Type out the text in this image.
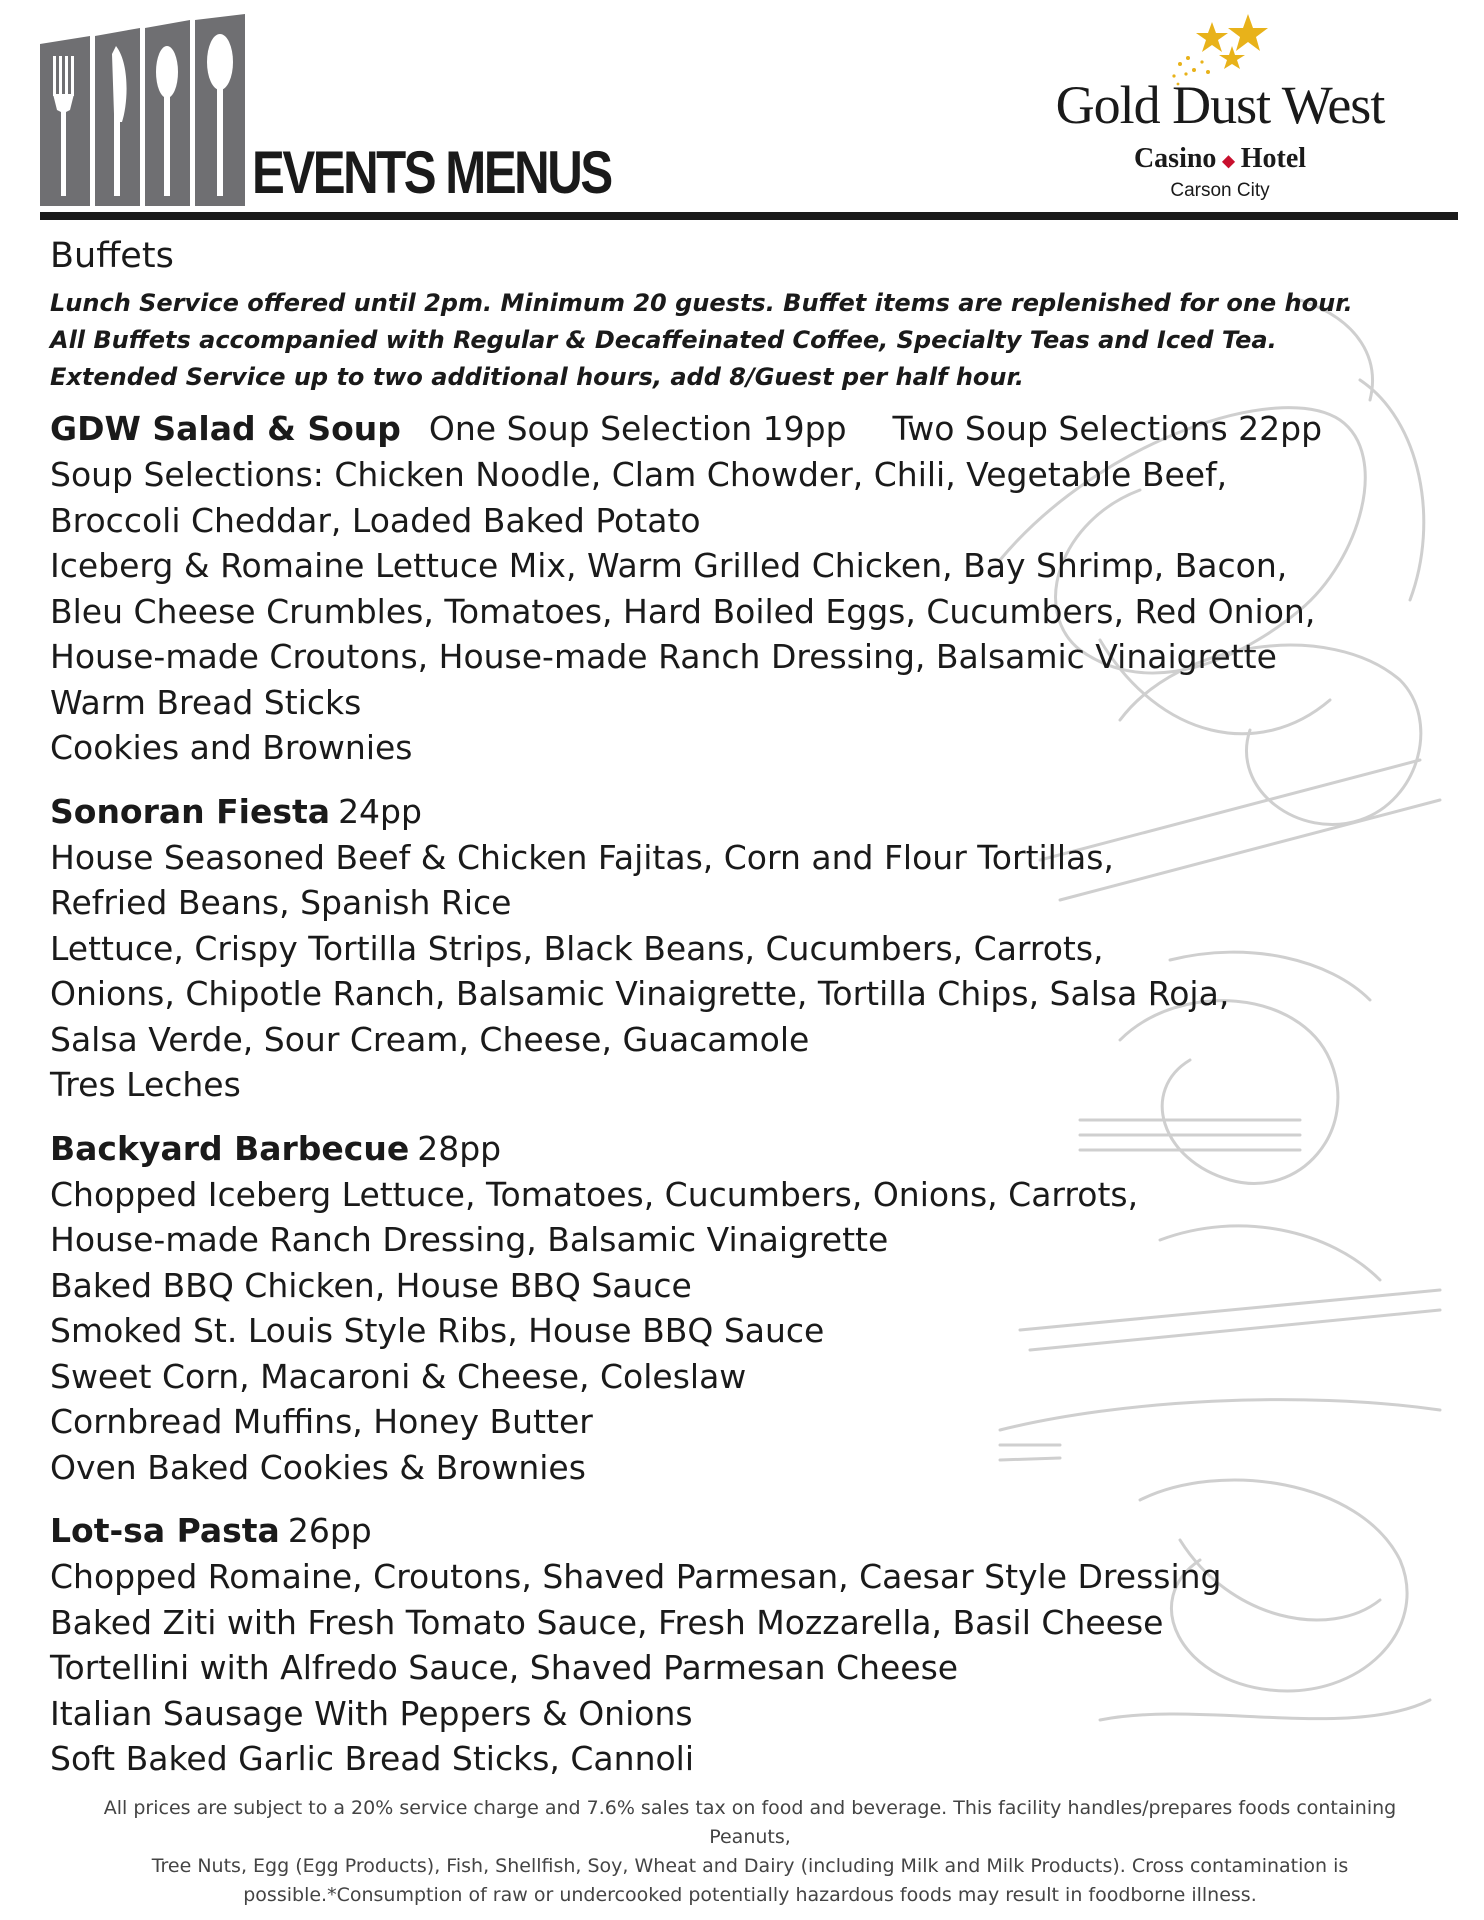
EVENTS MENUS
Gold Dust West
Casino ◆ Hotel
Carson City
Buffets
Lunch Service offered until 2pm. Minimum 20 guests. Buffet items are replenished for one hour. All Buffets accompanied with Regular & Decaffeinated Coffee, Specialty Teas and Iced Tea. Extended Service up to two additional hours, add 8/Guest per half hour.
GDW Salad & Soup One Soup Selection 19pp Two Soup Selections 22pp
Soup Selections: Chicken Noodle, Clam Chowder, Chili, Vegetable Beef,
Broccoli Cheddar, Loaded Baked Potato
Iceberg & Romaine Lettuce Mix, Warm Grilled Chicken, Bay Shrimp, Bacon,
Bleu Cheese Crumbles, Tomatoes, Hard Boiled Eggs, Cucumbers, Red Onion,
House-made Croutons, House-made Ranch Dressing, Balsamic Vinaigrette
Warm Bread Sticks
Cookies and Brownies
Sonoran Fiesta 24pp
House Seasoned Beef & Chicken Fajitas, Corn and Flour Tortillas,
Refried Beans, Spanish Rice
Lettuce, Crispy Tortilla Strips, Black Beans, Cucumbers, Carrots,
Onions, Chipotle Ranch, Balsamic Vinaigrette, Tortilla Chips, Salsa Roja,
Salsa Verde, Sour Cream, Cheese, Guacamole
Tres Leches
Backyard Barbecue 28pp
Chopped Iceberg Lettuce, Tomatoes, Cucumbers, Onions, Carrots,
House-made Ranch Dressing, Balsamic Vinaigrette
Baked BBQ Chicken, House BBQ Sauce
Smoked St. Louis Style Ribs, House BBQ Sauce
Sweet Corn, Macaroni & Cheese, Coleslaw
Cornbread Muffins, Honey Butter
Oven Baked Cookies & Brownies
Lot-sa Pasta 26pp
Chopped Romaine, Croutons, Shaved Parmesan, Caesar Style Dressing
Baked Ziti with Fresh Tomato Sauce, Fresh Mozzarella, Basil Cheese
Tortellini with Alfredo Sauce, Shaved Parmesan Cheese
Italian Sausage With Peppers & Onions
Soft Baked Garlic Bread Sticks, Cannoli
All prices are subject to a 20% service charge and 7.6% sales tax on food and beverage. This facility handles/prepares foods containing Peanuts,
Tree Nuts, Egg (Egg Products), Fish, Shellfish, Soy, Wheat and Dairy (including Milk and Milk Products). Cross contamination is
possible.*Consumption of raw or undercooked potentially hazardous foods may result in foodborne illness.
